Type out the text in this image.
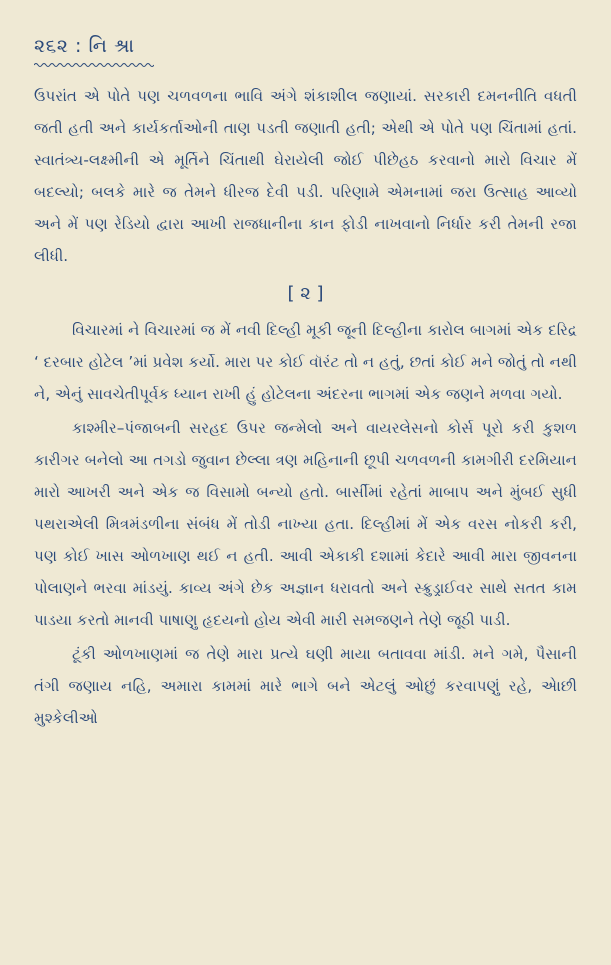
૨૬૨ : નિ શ્રા

ઉપરાંત એ પોતે પણ ચળવળના ભાવિ અંગે શંકાશીલ જણાયાં. સરકારી દમનનીતિ વધતી જતી હતી અને કાર્યકર્તાઓની તાણ પડતી જણાતી હતી; એથી એ પોતે પણ ચિંતામાં હતાં. સ્વાતંત્ર્ય-લક્ષ્મીની એ મૂર્તિને ચિંતાથી ઘેરાયેલી જોઈ પીછેહઠ કરવાનો મારો વિચાર મેં બદલ્યો; બલકે મારે જ તેમને ધીરજ દેવી પડી. પરિણામે એમનામાં જરા ઉત્સાહ આવ્યો અને મેં પણ રેડિયો દ્વારા આખી રાજધાનીના કાન ફોડી નાખવાનો નિર્ધાર કરી તેમની રજા લીધી.

[ ૨ ]

વિચારમાં ને વિચારમાં જ મેં નવી દિલ્હી મૂકી જૂની દિલ્હીના કારોલ બાગમાં એક દરિદ્ર ‘ દરબાર હોટેલ ’માં પ્રવેશ કર્યો. મારા પર કોઈ વૉરંટ તો ન હતું, છતાં કોઈ મને જોતું તો નથી ને, એનું સાવચેતીપૂર્વક ધ્યાન રાખી હું હોટેલના અંદરના ભાગમાં એક જણને મળવા ગયો.

કાશ્મીર–પંજાબની સરહદ ઉપર જન્મેલો અને વાયરલેસનો કોર્સ પૂરો કરી કુશળ કારીગર બનેલો આ તગડો જુવાન છેલ્લા ત્રણ મહિનાની છૂપી ચળવળની કામગીરી દરમિયાન મારો આખરી અને એક જ વિસામો બન્યો હતો. બાર્સીમાં રહેતાં માબાપ અને મુંબઈ સુધી પથરાએલી મિત્રમંડળીના સંબંધ મેં તોડી નાખ્યા હતા. દિલ્હીમાં મેં એક વરસ નોકરી કરી, પણ કોઈ ખાસ ઓળખાણ થઈ ન હતી. આવી એકાકી દશામાં કેદારે આવી મારા જીવનના પોલાણને ભરવા માંડયું. કાવ્ય અંગે છેક અજ્ઞાન ધરાવતો અને સ્ક્રુડ્રાઈવર સાથે સતત કામ પાડયા કરતો માનવી પાષાણુ હૃદયનો હોય એવી મારી સમજણને તેણે જૂઠી પાડી.

ટૂંકી ઓળખાણમાં જ તેણે મારા પ્રત્યે ઘણી માયા બતાવવા માંડી. મને ગમે, પૈસાની તંગી જણાય નહિ, અમારા કામમાં મારે ભાગે બને એટલું ઓછું કરવાપણું રહે, એાછી મુશ્કેલીઓ
